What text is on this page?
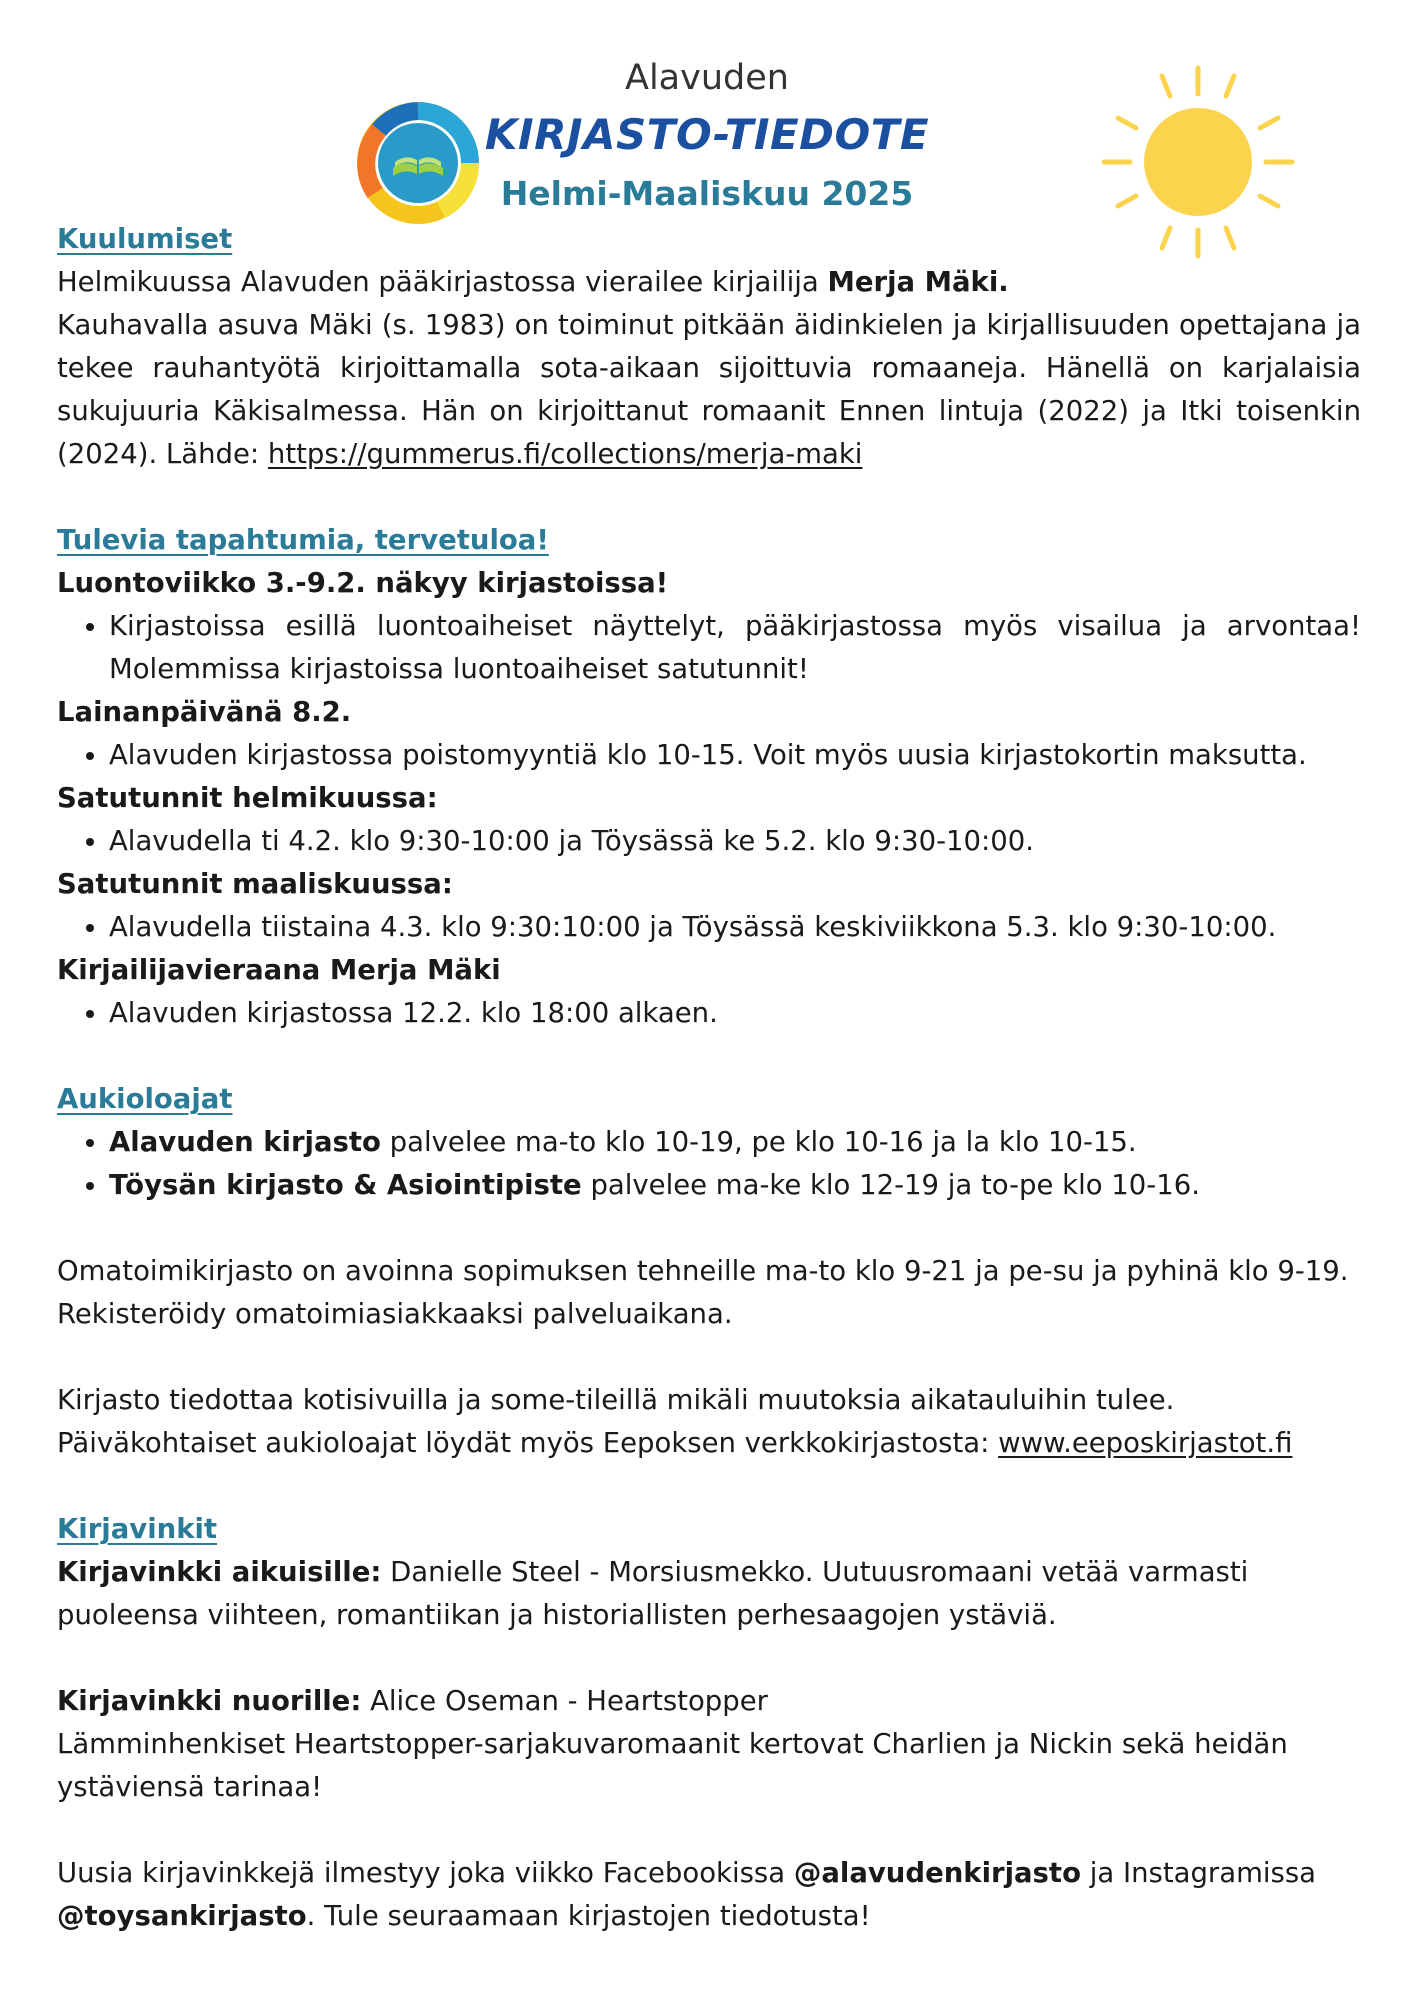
Alavuden
KIRJASTO-TIEDOTE
Helmi-Maaliskuu 2025

Kuulumiset

Helmikuussa Alavuden pääkirjastossa vierailee kirjailija Merja Mäki.

Kauhavalla asuva Mäki (s. 1983) on toiminut pitkään äidinkielen ja kirjallisuuden opettajana ja tekee rauhantyötä kirjoittamalla sota-aikaan sijoittuvia romaaneja. Hänellä on karjalaisia sukujuuria Käkisalmessa. Hän on kirjoittanut romaanit Ennen lintuja (2022) ja Itki toisenkin (2024). Lähde: https://gummerus.fi/collections/merja-maki

Tulevia tapahtumia, tervetuloa!

Luontoviikko 3.-9.2. näkyy kirjastoissa!

• Kirjastoissa esillä luontoaiheiset näyttelyt, pääkirjastossa myös visailua ja arvontaa! Molemmissa kirjastoissa luontoaiheiset satutunnit!

Lainanpäivänä 8.2.

• Alavuden kirjastossa poistomyyntiä klo 10-15. Voit myös uusia kirjastokortin maksutta.

Satutunnit helmikuussa:

• Alavudella ti 4.2. klo 9:30-10:00 ja Töysässä ke 5.2. klo 9:30-10:00.

Satutunnit maaliskuussa:

• Alavudella tiistaina 4.3. klo 9:30:10:00 ja Töysässä keskiviikkona 5.3. klo 9:30-10:00.

Kirjailijavieraana Merja Mäki

• Alavuden kirjastossa 12.2. klo 18:00 alkaen.

Aukioloajat

• Alavuden kirjasto palvelee ma-to klo 10-19, pe klo 10-16 ja la klo 10-15.
• Töysän kirjasto & Asiointipiste palvelee ma-ke klo 12-19 ja to-pe klo 10-16.

Omatoimikirjasto on avoinna sopimuksen tehneille ma-to klo 9-21 ja pe-su ja pyhinä klo 9-19.

Rekisteröidy omatoimiasiakkaaksi palveluaikana.

Kirjasto tiedottaa kotisivuilla ja some-tileillä mikäli muutoksia aikatauluihin tulee.

Päiväkohtaiset aukioloajat löydät myös Eepoksen verkkokirjastosta: www.eeposkirjastot.fi

Kirjavinkit

Kirjavinkki aikuisille: Danielle Steel - Morsiusmekko. Uutuusromaani vetää varmasti puoleensa viihteen, romantiikan ja historiallisten perhesaagojen ystäviä.

Kirjavinkki nuorille: Alice Oseman - Heartstopper

Lämminhenkiset Heartstopper-sarjakuvaromaanit kertovat Charlien ja Nickin sekä heidän ystäviensä tarinaa!

Uusia kirjavinkkejä ilmestyy joka viikko Facebookissa @alavudenkirjasto ja Instagramissa @toysankirjasto. Tule seuraamaan kirjastojen tiedotusta!
